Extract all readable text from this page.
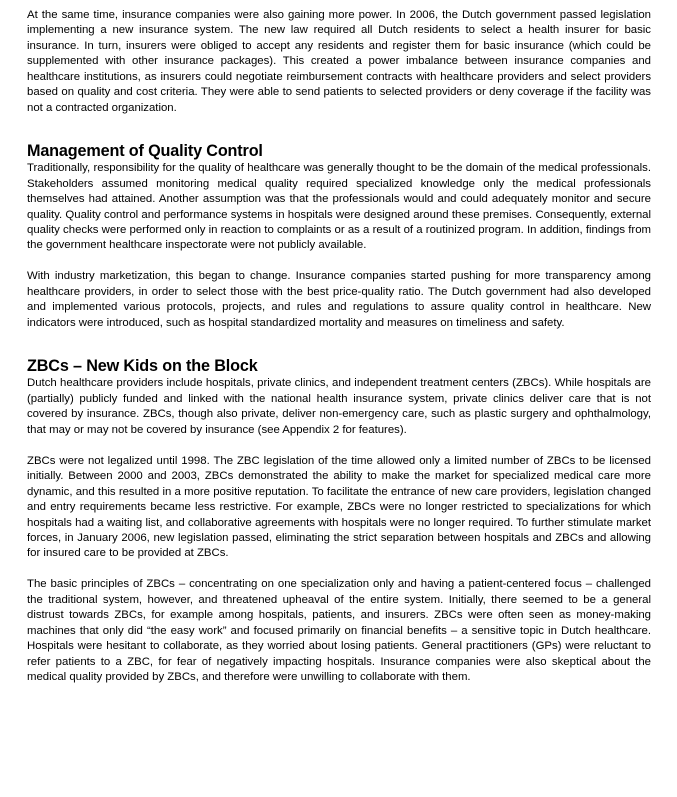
At the same time, insurance companies were also gaining more power. In 2006, the Dutch government passed legislation implementing a new insurance system. The new law required all Dutch residents to select a health insurer for basic insurance. In turn, insurers were obliged to accept any residents and register them for basic insurance (which could be supplemented with other insurance packages). This created a power imbalance between insurance companies and healthcare institutions, as insurers could negotiate reimbursement contracts with healthcare providers and select providers based on quality and cost criteria. They were able to send patients to selected providers or deny coverage if the facility was not a contracted organization.

Management of Quality Control

Traditionally, responsibility for the quality of healthcare was generally thought to be the domain of the medical professionals. Stakeholders assumed monitoring medical quality required specialized knowledge only the medical professionals themselves had attained. Another assumption was that the professionals would and could adequately monitor and secure quality. Quality control and performance systems in hospitals were designed around these premises. Consequently, external quality checks were performed only in reaction to complaints or as a result of a routinized program. In addition, findings from the government healthcare inspectorate were not publicly available.

With industry marketization, this began to change. Insurance companies started pushing for more transparency among healthcare providers, in order to select those with the best price-quality ratio. The Dutch government had also developed and implemented various protocols, projects, and rules and regulations to assure quality control in healthcare. New indicators were introduced, such as hospital standardized mortality and measures on timeliness and safety.

ZBCs – New Kids on the Block

Dutch healthcare providers include hospitals, private clinics, and independent treatment centers (ZBCs). While hospitals are (partially) publicly funded and linked with the national health insurance system, private clinics deliver care that is not covered by insurance. ZBCs, though also private, deliver non-emergency care, such as plastic surgery and ophthalmology, that may or may not be covered by insurance (see Appendix 2 for features).

ZBCs were not legalized until 1998. The ZBC legislation of the time allowed only a limited number of ZBCs to be licensed initially. Between 2000 and 2003, ZBCs demonstrated the ability to make the market for specialized medical care more dynamic, and this resulted in a more positive reputation. To facilitate the entrance of new care providers, legislation changed and entry requirements became less restrictive. For example, ZBCs were no longer restricted to specializations for which hospitals had a waiting list, and collaborative agreements with hospitals were no longer required. To further stimulate market forces, in January 2006, new legislation passed, eliminating the strict separation between hospitals and ZBCs and allowing for insured care to be provided at ZBCs.

The basic principles of ZBCs – concentrating on one specialization only and having a patient-centered focus – challenged the traditional system, however, and threatened upheaval of the entire system. Initially, there seemed to be a general distrust towards ZBCs, for example among hospitals, patients, and insurers. ZBCs were often seen as money-making machines that only did “the easy work” and focused primarily on financial benefits – a sensitive topic in Dutch healthcare. Hospitals were hesitant to collaborate, as they worried about losing patients. General practitioners (GPs) were reluctant to refer patients to a ZBC, for fear of negatively impacting hospitals. Insurance companies were also skeptical about the medical quality provided by ZBCs, and therefore were unwilling to collaborate with them.
